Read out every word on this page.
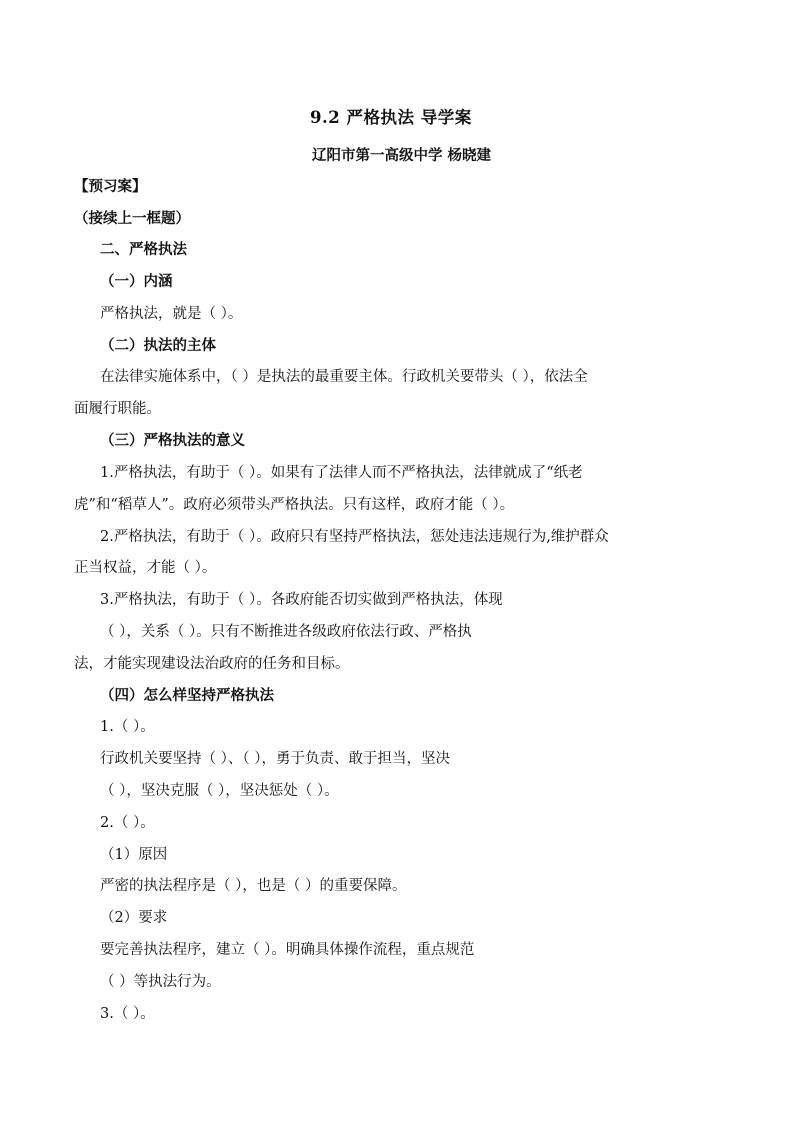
9.2 严格执法 导学案
辽阳市第一高级中学 杨晓建
【预习案】
（接续上一框题）
二、严格执法
（一）内涵
严格执法，就是（ ）。
（二）执法的主体
在法律实施体系中，（ ）是执法的最重要主体。行政机关要带头（ ），依法全
面履行职能。
（三）严格执法的意义
1.严格执法，有助于（ ）。如果有了法律人而不严格执法，法律就成了“纸老
虎”和“稻草人”。政府必须带头严格执法。只有这样，政府才能（ ）。
2.严格执法，有助于（ ）。政府只有坚持严格执法，惩处违法违规行为,维护群众
正当权益，才能（ ）。
3.严格执法，有助于（ ）。各政府能否切实做到严格执法，体现
（ ），关系（ ）。只有不断推进各级政府依法行政、严格执
法，才能实现建设法治政府的任务和目标。
（四）怎么样坚持严格执法
1.（ ）。
行政机关要坚持（ ）、（ ），勇于负责、敢于担当，坚决
（ ），坚决克服（ ），坚决惩处（ ）。
2.（ ）。
（1）原因
严密的执法程序是（ ），也是（ ）的重要保障。
（2）要求
要完善执法程序，建立（ ）。明确具体操作流程，重点规范
（ ）等执法行为。
3.（ ）。
